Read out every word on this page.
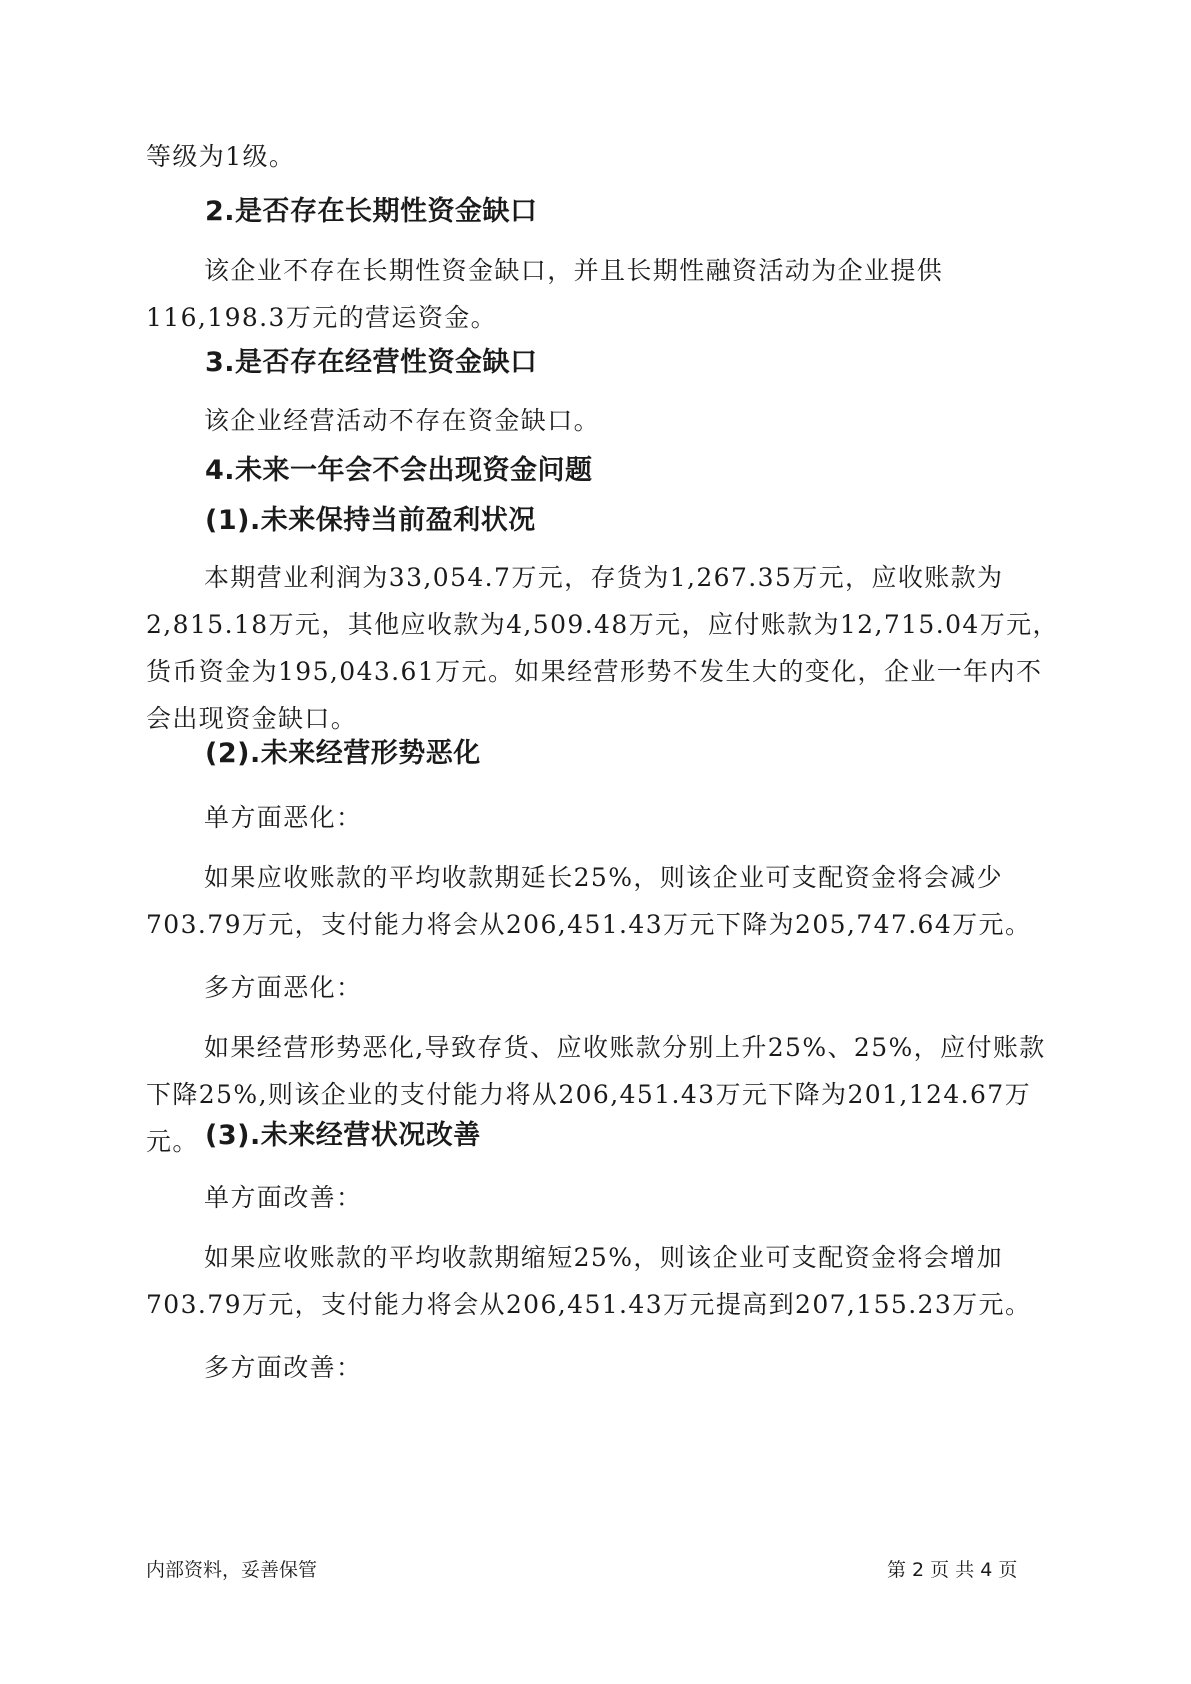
等级为1级。

2.是否存在长期性资金缺口

该企业不存在长期性资金缺口，并且长期性融资活动为企业提供116,198.3万元的营运资金。

3.是否存在经营性资金缺口

该企业经营活动不存在资金缺口。

4.未来一年会不会出现资金问题
(1).未来保持当前盈利状况

本期营业利润为33,054.7万元，存货为1,267.35万元，应收账款为2,815.18万元，其他应收款为4,509.48万元，应付账款为12,715.04万元，货币资金为195,043.61万元。如果经营形势不发生大的变化，企业一年内不会出现资金缺口。

(2).未来经营形势恶化

单方面恶化：

如果应收账款的平均收款期延长25%，则该企业可支配资金将会减少703.79万元，支付能力将会从206,451.43万元下降为205,747.64万元。

多方面恶化：

如果经营形势恶化,导致存货、应收账款分别上升25%、25%，应付账款下降25%,则该企业的支付能力将从206,451.43万元下降为201,124.67万元。 (3).未来经营状况改善

单方面改善：

如果应收账款的平均收款期缩短25%，则该企业可支配资金将会增加703.79万元，支付能力将会从206,451.43万元提高到207,155.23万元。

多方面改善：

内部资料，妥善保管	第 2 页 共 4 页
